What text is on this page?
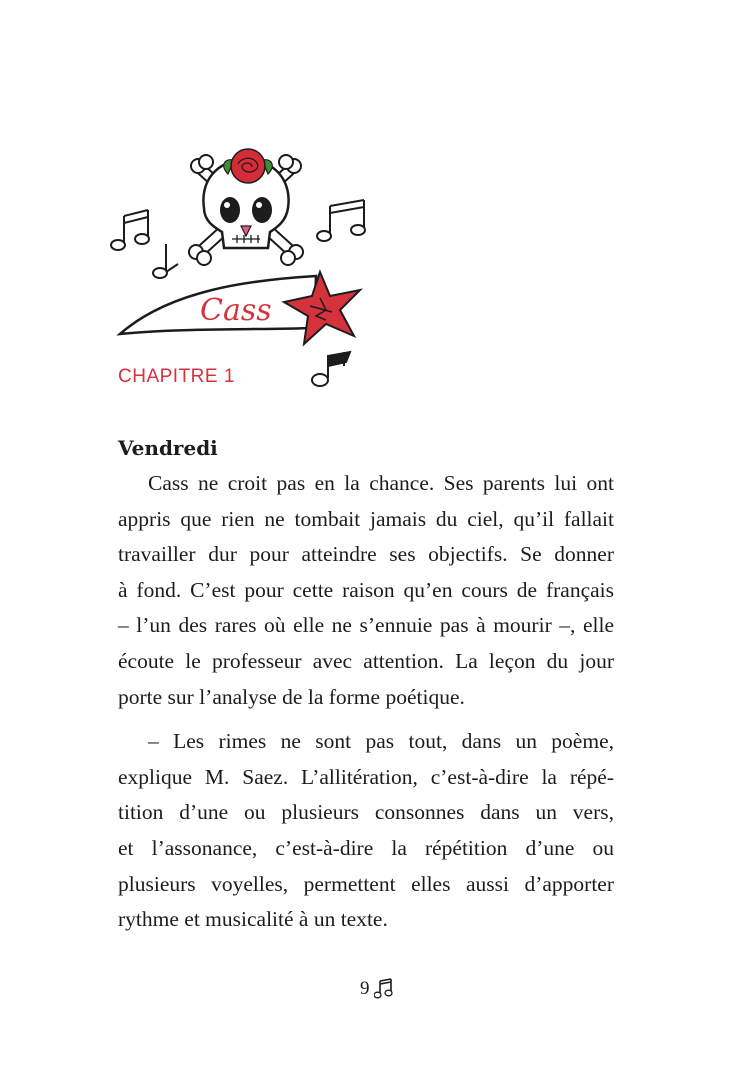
Cass
CHAPITRE 1
Vendredi
Cass ne croit pas en la chance. Ses parents lui ont
appris que rien ne tombait jamais du ciel, qu’il fallait
travailler dur pour atteindre ses objectifs. Se donner
à fond. C’est pour cette raison qu’en cours de français
– l’un des rares où elle ne s’ennuie pas à mourir –, elle
écoute le professeur avec attention. La leçon du jour
porte sur l’analyse de la forme poétique.
– Les rimes ne sont pas tout, dans un poème,
explique M. Saez. L’allitération, c’est-à-dire la répé-
tition d’une ou plusieurs consonnes dans un vers,
et l’assonance, c’est-à-dire la répétition d’une ou
plusieurs voyelles, permettent elles aussi d’apporter
rythme et musicalité à un texte.
9
